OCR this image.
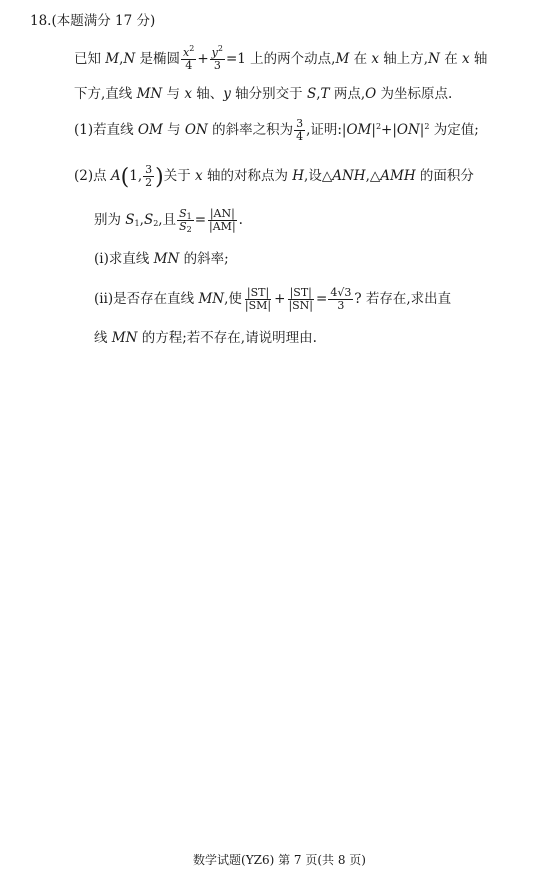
18.(本题满分 17 分)
已知 M,N 是椭圆 $\frac{x^2}{4} + \frac{y^2}{3} =1$ 上的两个动点,M 在 x 轴上方,N 在 x 轴
下方,直线 MN 与 x 轴、y 轴分别交于 S,T 两点,O 为坐标原点.
(1)若直线 OM 与 ON 的斜率之积为 $\frac{3}{4}$ ,证明$:|OM|^2+|ON|^2$ 为定值;
(2)点 A(1, $\frac{3}{2}$ )关于 x 轴的对称点为 H,设△ANH,△AMH 的面积分
别为 $S_1,S_2$,且 $\frac{S_1}{S_2} = \frac{|AN|}{|AM|}$ .
(ⅰ)求直线 MN 的斜率;
(ⅱ)是否存在直线 MN,使 $\frac{|ST|}{|SM|} + \frac{|ST|}{|SN|} = \frac{4√3}{3}$ ? 若存在,求出直
线 MN 的方程;若不存在,请说明理由.
数学试题(YZ6) 第 7 页(共 8 页)
